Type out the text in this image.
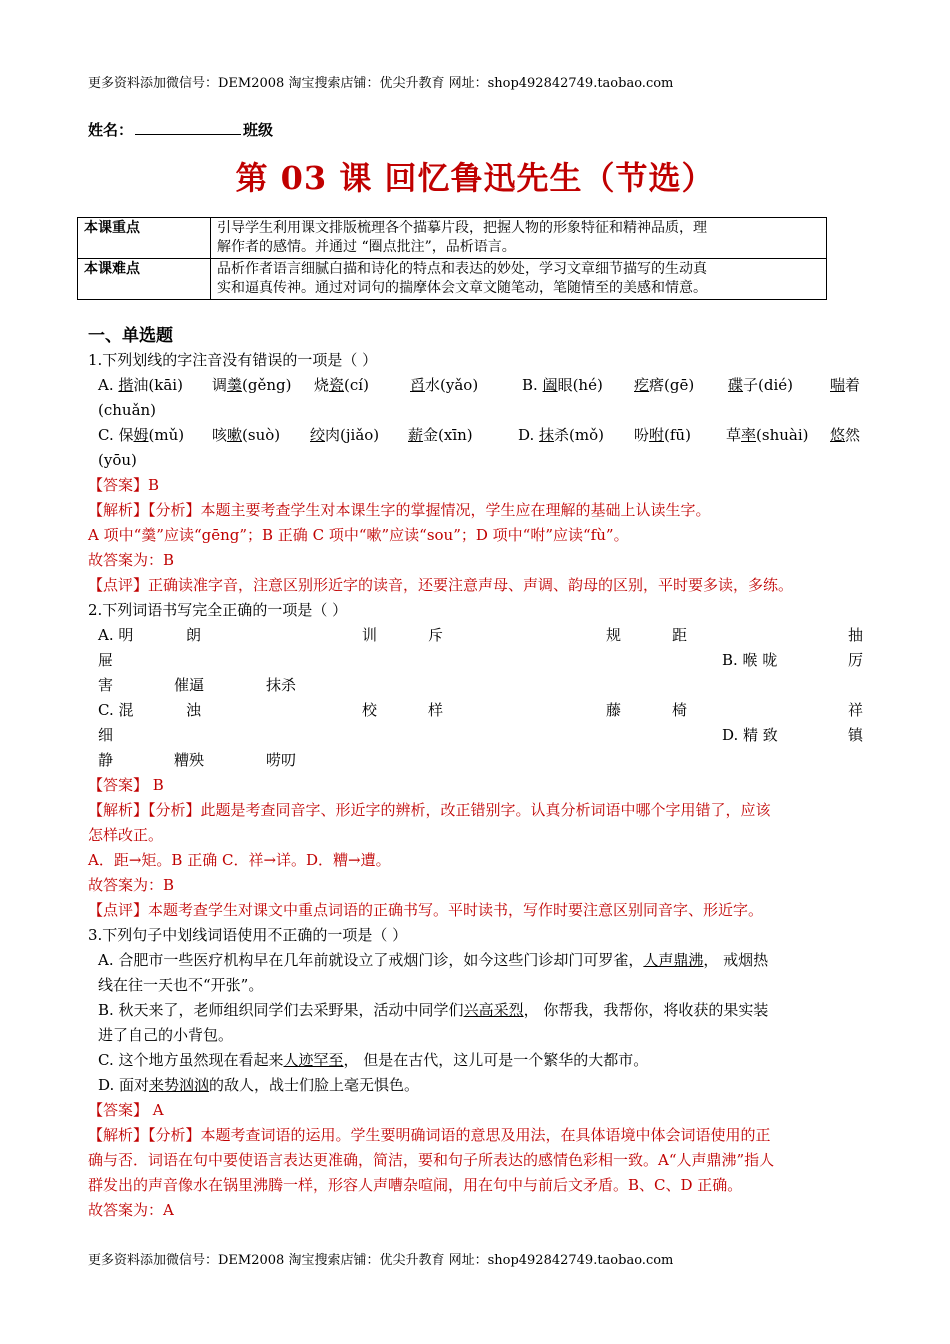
更多资料添加微信号：DEM2008 淘宝搜索店铺：优尖升教育 网址：shop492842749.taobao.com
姓名：	班级
第 03 课 回忆鲁迅先生（节选）
本课重点	引导学生利用课文排版梳理各个描摹片段，把握人物的形象特征和精神品质，理
解作者的感情。并通过 “圈点批注”，品析语言。

本课难点	品析作者语言细腻白描和诗化的特点和表达的妙处，学习文章细节描写的生动真
实和逼真传神。通过对词句的揣摩体会文章文随笔动，笔随情至的美感和情意。
一、单选题
1.下列划线的字注音没有错误的一项是（ ）
A. 揩油(kāi) 调羹(gěng) 烧瓷(cí)	舀水(yǎo)	B. 阖眼(hé) 疙瘩(gē) 碟子(dié) 喘着
(chuǎn)
C. 保姆(mǔ) 咳嗽(suò) 绞肉(jiǎo) 薪金(xīn)	D. 抹杀(mǒ) 吩咐(fū) 草率(shuài) 悠然
(yōu)
【答案】B
【解析】【分析】本题主要考查学生对本课生字的掌握情况，学生应在理解的基础上认读生字。
A 项中“羹”应读“gēng”；B 正确 C 项中“嗽”应读“sou”；D 项中“咐”应读“fù”。
故答案为：B
【点评】正确读准字音，注意区别形近字的读音，还要注意声母、声调、韵母的区别，平时要多读，多练。
2.下列词语书写完全正确的一项是（ ）
A. 明	朗	训	斥	规	距	抽
屉	B. 喉 咙	厉
害	催逼	抹杀
C. 混	浊	校	样	藤	椅	祥
细	D. 精 致	镇
静	糟殃	唠叨
【答案】 B
【解析】【分析】此题是考查同音字、形近字的辨析，改正错别字。认真分析词语中哪个字用错了，应该
怎样改正。
A．距→矩。B 正确 C．祥→详。D．糟→遭。
故答案为：B
【点评】本题考查学生对课文中重点词语的正确书写。平时读书，写作时要注意区别同音字、形近字。
3.下列句子中划线词语使用不正确的一项是（ ）
A. 合肥市一些医疗机构早在几年前就设立了戒烟门诊，如今这些门诊却门可罗雀，人声鼎沸， 戒烟热
线在往一天也不“开张”。
B. 秋天来了，老师组织同学们去采野果，活动中同学们兴高采烈， 你帮我，我帮你，将收获的果实装
进了自己的小背包。
C. 这个地方虽然现在看起来人迹罕至， 但是在古代，这儿可是一个繁华的大都市。
D. 面对来势汹汹的敌人，战士们脸上毫无惧色。
【答案】 A
【解析】【分析】本题考查词语的运用。学生要明确词语的意思及用法，在具体语境中体会词语使用的正
确与否．词语在句中要使语言表达更准确，简洁，要和句子所表达的感情色彩相一致。A“人声鼎沸”指人
群发出的声音像水在锅里沸腾一样，形容人声嘈杂喧闹，用在句中与前后文矛盾。B、C、D 正确。
故答案为：A
更多资料添加微信号：DEM2008 淘宝搜索店铺：优尖升教育 网址：shop492842749.taobao.com
